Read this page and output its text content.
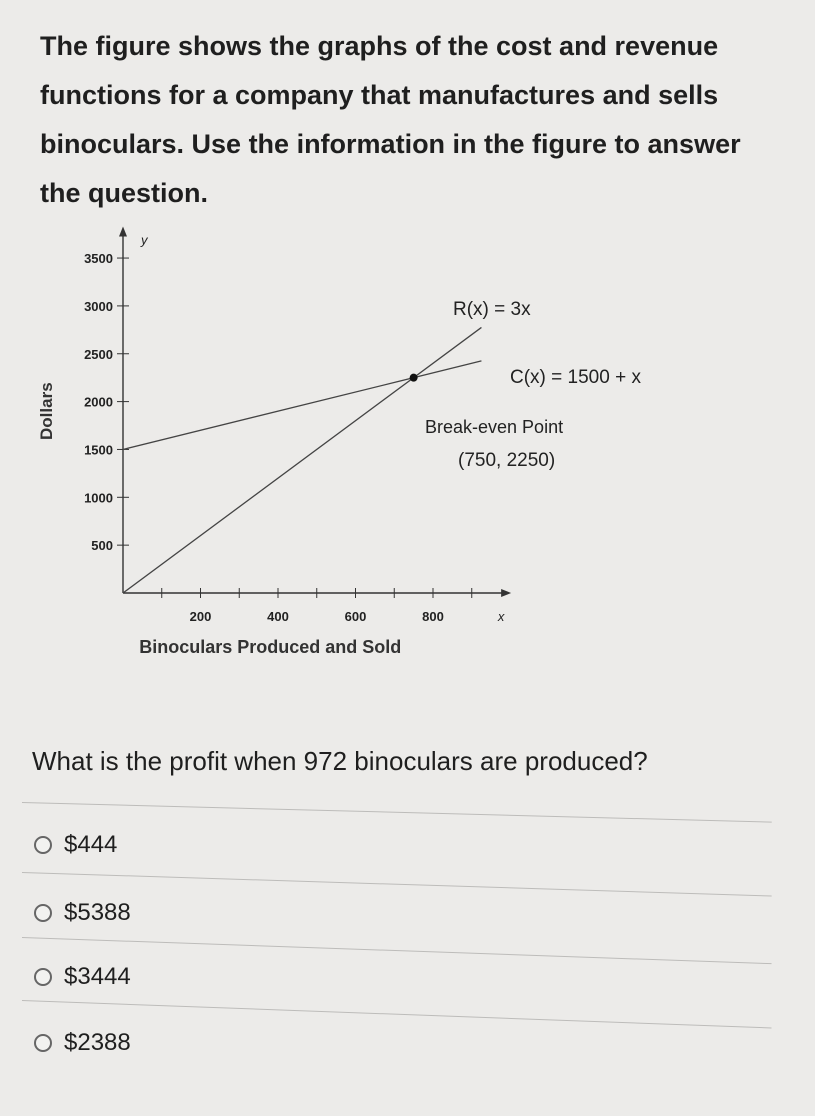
The figure shows the graphs of the cost and revenue functions for a company that manufactures and sells binoculars. Use the information in the figure to answer the question.
200	400	600	800	x
500
1000
1500
2000
2500
3000
3500
y
Binoculars Produced and Sold
Dollars
R(x) = 3x
C(x) = 1500 + x
Break-even Point
(750, 2250)
What is the profit when 972 binoculars are produced?
$444
$5388
$3444
$2388
